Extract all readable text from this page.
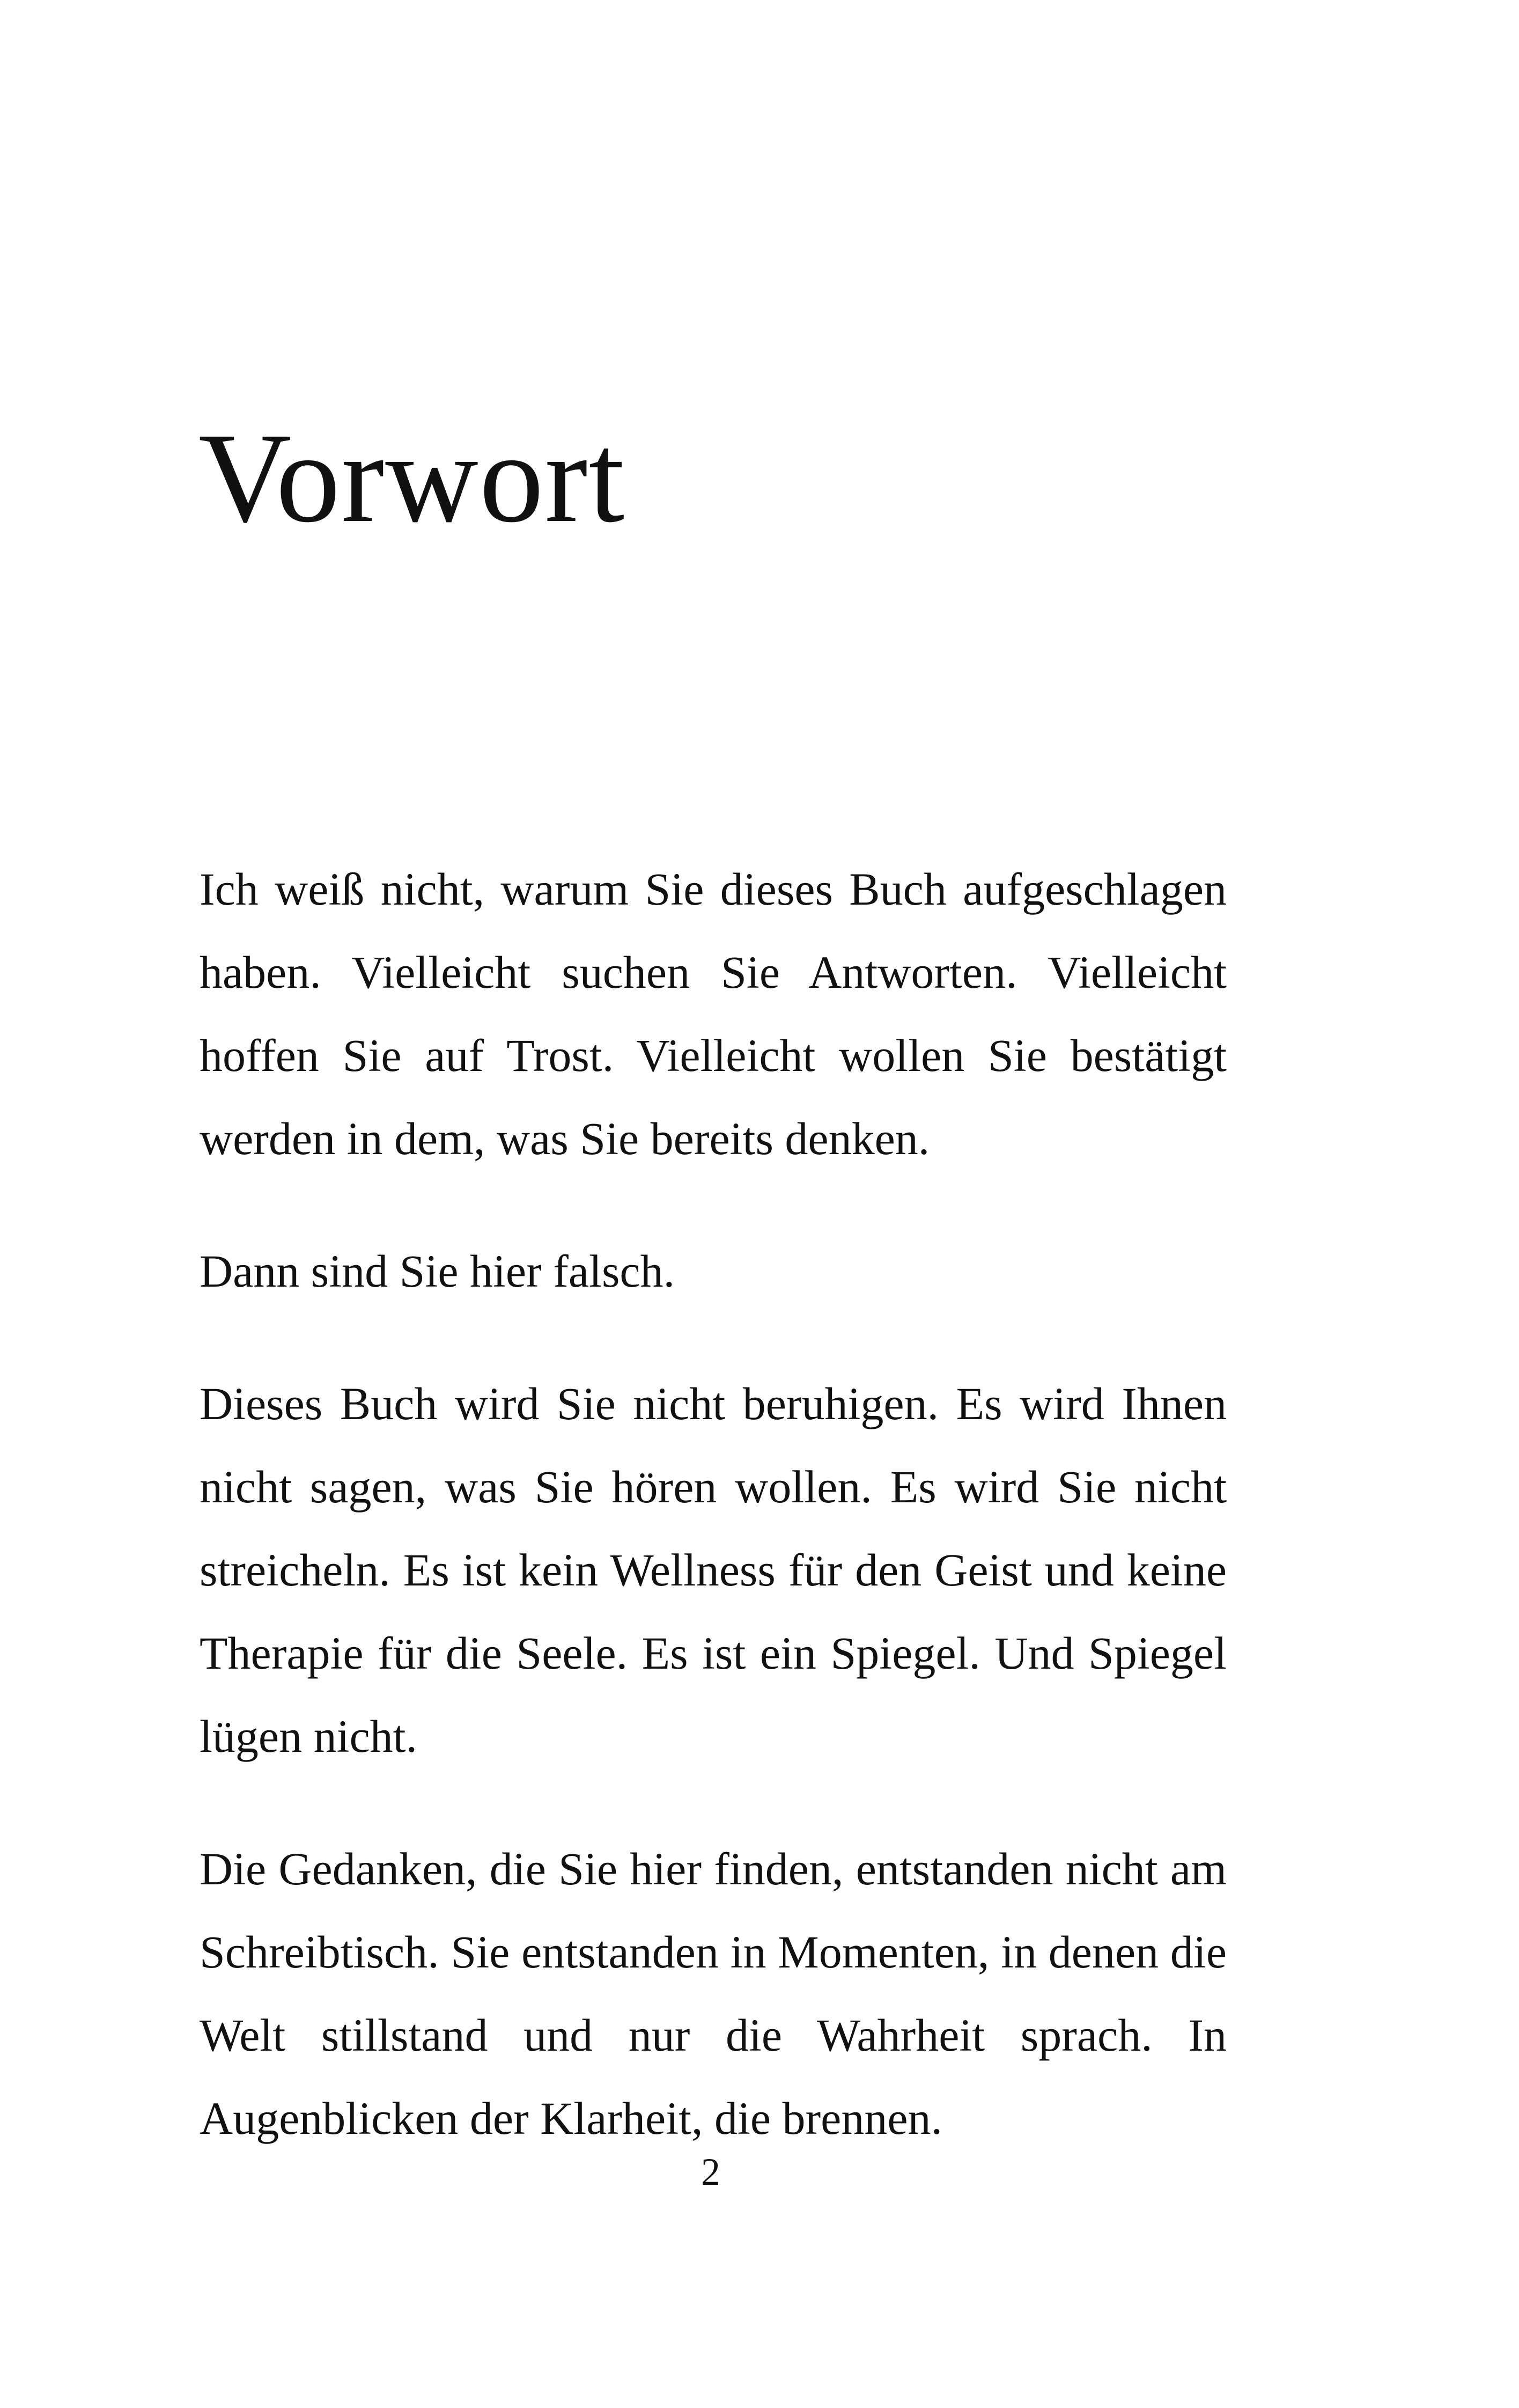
Vorwort

Ich weiß nicht, warum Sie dieses Buch aufgeschlagen haben. Vielleicht suchen Sie Antworten. Vielleicht hoffen Sie auf Trost. Vielleicht wollen Sie bestätigt werden in dem, was Sie bereits denken.

Dann sind Sie hier falsch.

Dieses Buch wird Sie nicht beruhigen. Es wird Ihnen nicht sagen, was Sie hören wollen. Es wird Sie nicht streicheln. Es ist kein Wellness für den Geist und keine Therapie für die Seele. Es ist ein Spiegel. Und Spiegel lügen nicht.

Die Gedanken, die Sie hier finden, entstanden nicht am Schreibtisch. Sie entstanden in Momenten, in denen die Welt stillstand und nur die Wahrheit sprach. In Augenblicken der Klarheit, die brennen.

2
